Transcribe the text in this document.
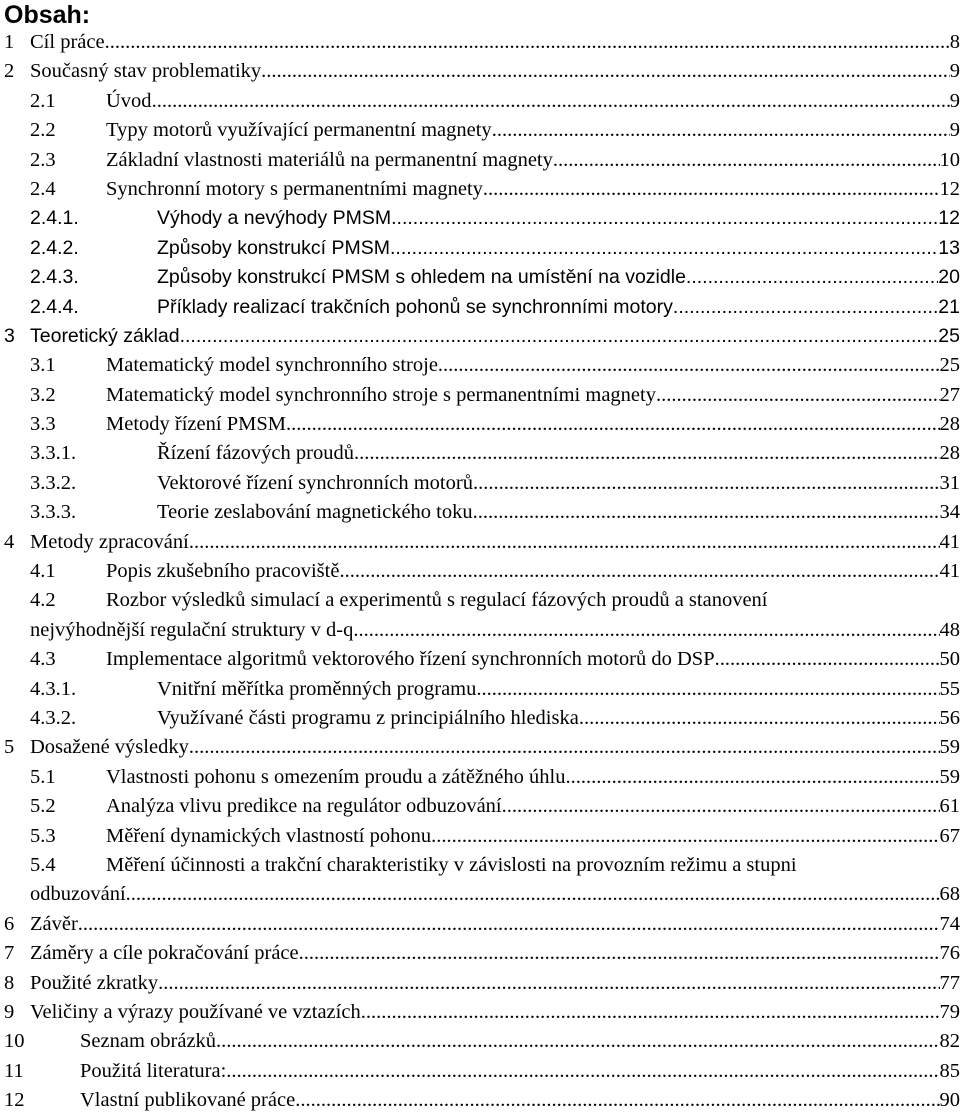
Obsah:
1 Cíl práce .....	8
2 Současný stav problematiky .....	9
2.1 Úvod .....	9
2.2 Typy motorů využívající permanentní magnety .....	9
2.3 Základní vlastnosti materiálů na permanentní magnety .....	10
2.4 Synchronní motory s permanentními magnety .....	12
2.4.1.	Výhody a nevýhody PMSM .....	12
2.4.2.	Způsoby konstrukcí PMSM .....	13
2.4.3.	Způsoby konstrukcí PMSM s ohledem na umístění na vozidle .....	20
2.4.4.	Příklady realizací trakčních pohonů se synchronními motory .....	21
3 Teoretický základ .....	25
3.1 Matematický model synchronního stroje .....	25
3.2 Matematický model synchronního stroje s permanentními magnety .....	27
3.3 Metody řízení PMSM .....	28
3.3.1.	Řízení fázových proudů .....	28
3.3.2.	Vektorové řízení synchronních motorů .....	31
3.3.3.	Teorie zeslabování magnetického toku .....	34
4 Metody zpracování .....	41
4.1 Popis zkušebního pracoviště .....	41
4.2 Rozbor výsledků simulací a experimentů s regulací fázových proudů a stanovení
nejvýhodnější regulační struktury v d-q .....	48
4.3 Implementace algoritmů vektorového řízení synchronních motorů do DSP .....	50
4.3.1.	Vnitřní měřítka proměnných programu .....	55
4.3.2.	Využívané části programu z principiálního hlediska .....	56
5 Dosažené výsledky .....	59
5.1 Vlastnosti pohonu s omezením proudu a zátěžného úhlu .....	59
5.2 Analýza vlivu predikce na regulátor odbuzování .....	61
5.3 Měření dynamických vlastností pohonu .....	67
5.4 Měření účinnosti a trakční charakteristiky v závislosti na provozním režimu a stupni
odbuzování .....	68
6 Závěr .....	74
7 Záměry a cíle pokračování práce .....	76
8 Použité zkratky .....	77
9 Veličiny a výrazy používané ve vztazích .....	79
10	Seznam obrázků .....	82
11	Použitá literatura: .....	85
12	Vlastní publikované práce .....	90
